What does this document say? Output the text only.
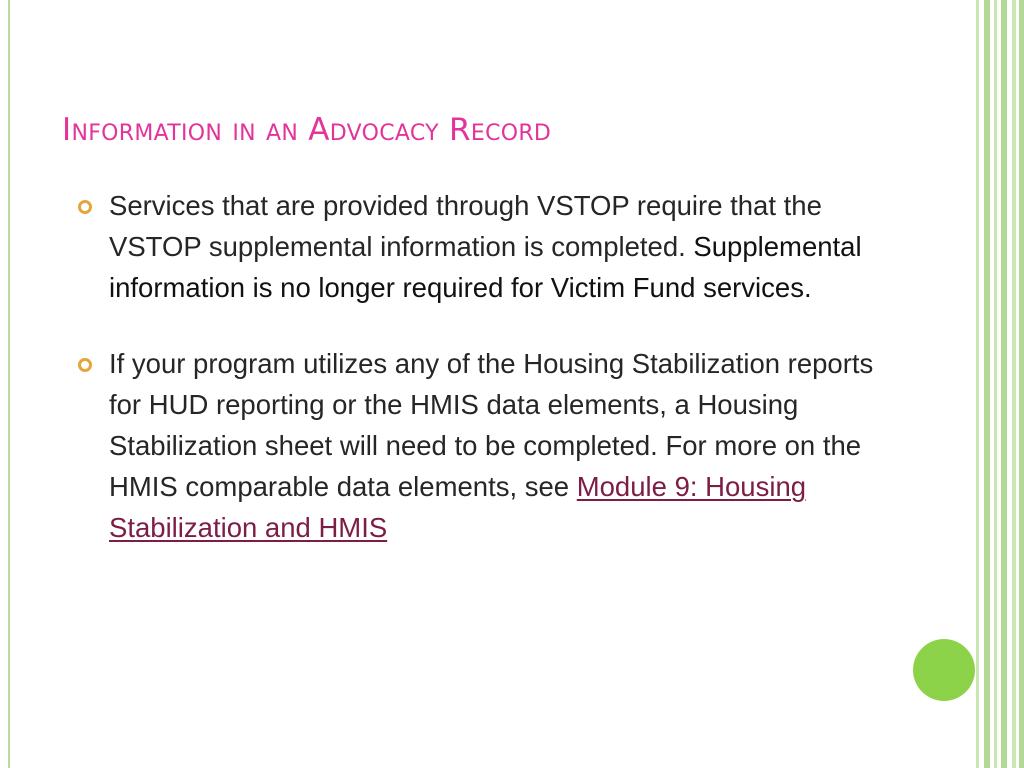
Information in an Advocacy Record
Services that are provided through VSTOP require that the VSTOP supplemental information is completed. Supplemental information is no longer required for Victim Fund services.
If your program utilizes any of the Housing Stabilization reports for HUD reporting or the HMIS data elements, a Housing Stabilization sheet will need to be completed. For more on the HMIS comparable data elements, see Module 9: Housing Stabilization and HMIS
